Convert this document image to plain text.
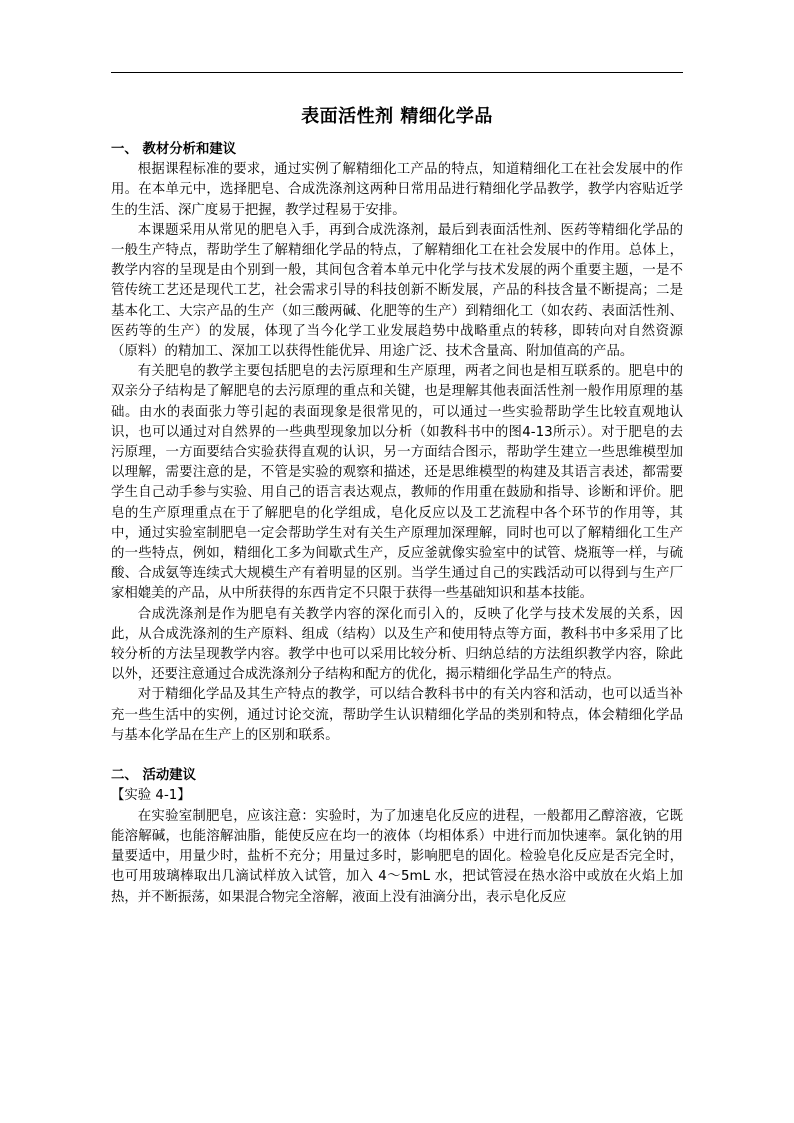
表面活性剂 精细化学品

一、 教材分析和建议

根据课程标准的要求，通过实例了解精细化工产品的特点，知道精细化工在社会发展中的作用。在本单元中，选择肥皂、合成洗涤剂这两种日常用品进行精细化学品教学，教学内容贴近学生的生活、深广度易于把握，教学过程易于安排。

本课题采用从常见的肥皂入手，再到合成洗涤剂，最后到表面活性剂、医药等精细化学品的一般生产特点，帮助学生了解精细化学品的特点，了解精细化工在社会发展中的作用。总体上，教学内容的呈现是由个别到一般，其间包含着本单元中化学与技术发展的两个重要主题，一是不管传统工艺还是现代工艺，社会需求引导的科技创新不断发展，产品的科技含量不断提高；二是基本化工、大宗产品的生产（如三酸两碱、化肥等的生产）到精细化工（如农药、表面活性剂、医药等的生产）的发展，体现了当今化学工业发展趋势中战略重点的转移，即转向对自然资源（原料）的精加工、深加工以获得性能优异、用途广泛、技术含量高、附加值高的产品。

有关肥皂的教学主要包括肥皂的去污原理和生产原理，两者之间也是相互联系的。肥皂中的双亲分子结构是了解肥皂的去污原理的重点和关键，也是理解其他表面活性剂一般作用原理的基础。由水的表面张力等引起的表面现象是很常见的，可以通过一些实验帮助学生比较直观地认识，也可以通过对自然界的一些典型现象加以分析（如教科书中的图4-13所示）。对于肥皂的去污原理，一方面要结合实验获得直观的认识，另一方面结合图示，帮助学生建立一些思维模型加以理解，需要注意的是，不管是实验的观察和描述，还是思维模型的构建及其语言表述，都需要学生自己动手参与实验、用自己的语言表达观点，教师的作用重在鼓励和指导、诊断和评价。肥皂的生产原理重点在于了解肥皂的化学组成，皂化反应以及工艺流程中各个环节的作用等，其中，通过实验室制肥皂一定会帮助学生对有关生产原理加深理解，同时也可以了解精细化工生产的一些特点，例如，精细化工多为间歇式生产，反应釜就像实验室中的试管、烧瓶等一样，与硫酸、合成氨等连续式大规模生产有着明显的区别。当学生通过自己的实践活动可以得到与生产厂家相媲美的产品，从中所获得的东西肯定不只限于获得一些基础知识和基本技能。

合成洗涤剂是作为肥皂有关教学内容的深化而引入的，反映了化学与技术发展的关系，因此，从合成洗涤剂的生产原料、组成（结构）以及生产和使用特点等方面，教科书中多采用了比较分析的方法呈现教学内容。教学中也可以采用比较分析、归纳总结的方法组织教学内容，除此以外，还要注意通过合成洗涤剂分子结构和配方的优化，揭示精细化学品生产的特点。

对于精细化学品及其生产特点的教学，可以结合教科书中的有关内容和活动，也可以适当补充一些生活中的实例，通过讨论交流，帮助学生认识精细化学品的类别和特点，体会精细化学品与基本化学品在生产上的区别和联系。

二、 活动建议

【实验 4-1】

在实验室制肥皂，应该注意：实验时，为了加速皂化反应的进程，一般都用乙醇溶液，它既能溶解碱，也能溶解油脂，能使反应在均一的液体（均相体系）中进行而加快速率。氯化钠的用量要适中，用量少时，盐析不充分；用量过多时，影响肥皂的固化。检验皂化反应是否完全时，也可用玻璃棒取出几滴试样放入试管，加入 4～5mL 水，把试管浸在热水浴中或放在火焰上加热，并不断振荡，如果混合物完全溶解，液面上没有油滴分出，表示皂化反应
